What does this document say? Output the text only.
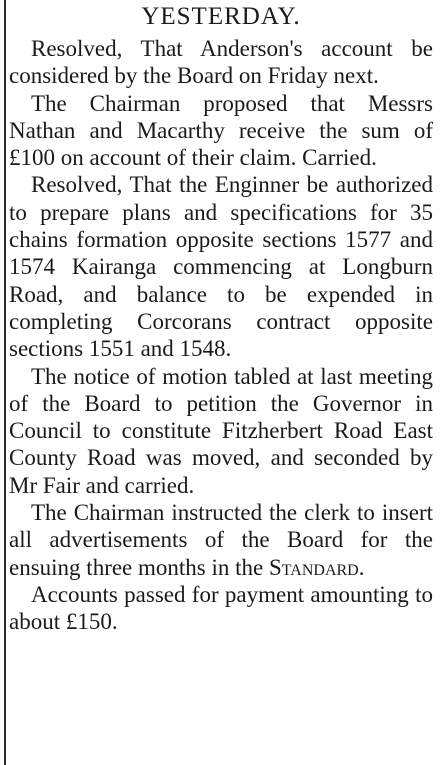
YESTERDAY.

Resolved, That Anderson's account be considered by the Board on Friday next.

The Chairman proposed that Messrs Nathan and Macarthy receive the sum of £100 on account of their claim. Carried.

Resolved, That the Enginner be authorized to prepare plans and specifications for 35 chains formation opposite sections 1577 and 1574 Kairanga commencing at Longburn Road, and balance to be expended in completing Corcorans contract opposite sections 1551 and 1548.

The notice of motion tabled at last meeting of the Board to petition the Governor in Council to constitute Fitzherbert Road East County Road was moved, and seconded by Mr Fair and carried.

The Chairman instructed the clerk to insert all advertisements of the Board for the ensuing three months in the Standard.

Accounts passed for payment amounting to about £150.
